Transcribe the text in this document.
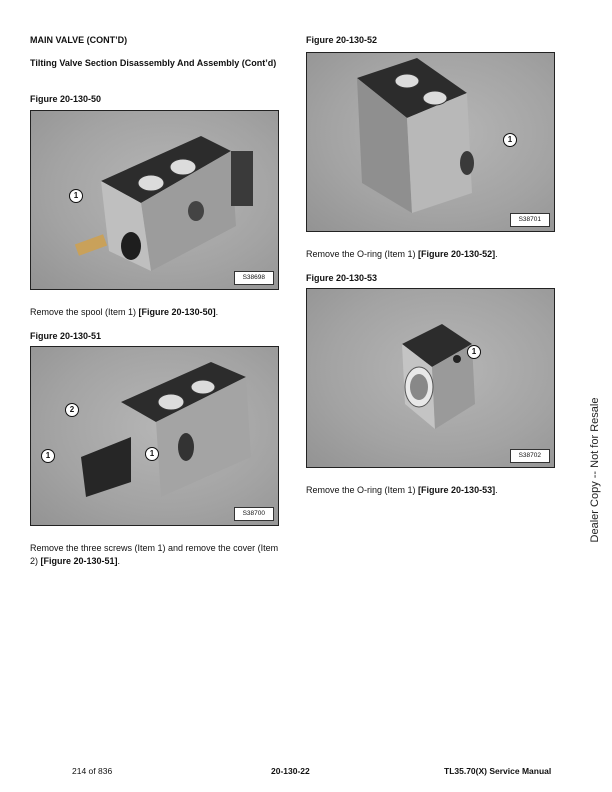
MAIN VALVE (CONT’D)
Tilting Valve Section Disassembly And Assembly (Cont’d)
Figure 20-130-50
1
S38698
Remove the spool (Item 1) [Figure 20-130-50].
Figure 20-130-51
2
1	1
S38700
Remove the three screws (Item 1) and remove the cover (Item 2) [Figure 20-130-51].
Figure 20-130-52
1
S38701
Remove the O-ring (Item 1) [Figure 20-130-52].
Figure 20-130-53
1
S38702
Remove the O-ring (Item 1) [Figure 20-130-53].	Dealer Copy -- Not for Resale
214 of 836	20-130-22	TL35.70(X) Service Manual
